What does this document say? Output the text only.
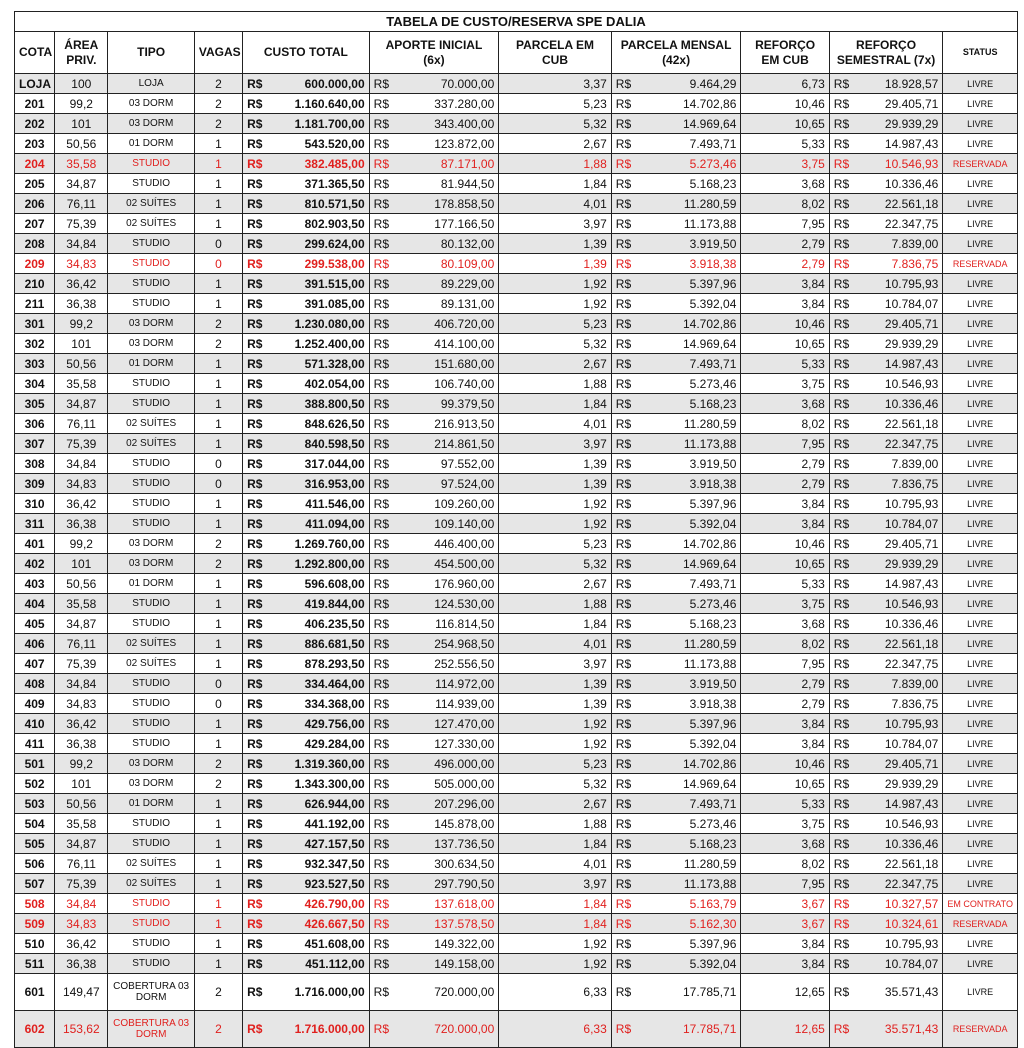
TABELA DE CUSTO/RESERVA SPE DALIA														
COTA	ÁREA PRIV.	TIPO	VAGAS	CUSTO TOTAL		APORTE INICIAL (6x)		PARCELA EM CUB	PARCELA MENSAL (42x)		REFORÇO EM CUB	REFORÇO SEMESTRAL (7x)		STATUS
LOJA	100	LOJA	2	R$	600.000,00	R$	70.000,00	3,37	R$	9.464,29	6,73	R$	18.928,57	LIVRE
201	99,2	03 DORM	2	R$	1.160.640,00	R$	337.280,00	5,23	R$	14.702,86	10,46	R$	29.405,71	LIVRE
202	101	03 DORM	2	R$	1.181.700,00	R$	343.400,00	5,32	R$	14.969,64	10,65	R$	29.939,29	LIVRE
203	50,56	01 DORM	1	R$	543.520,00	R$	123.872,00	2,67	R$	7.493,71	5,33	R$	14.987,43	LIVRE
204	35,58	STUDIO	1	R$	382.485,00	R$	87.171,00	1,88	R$	5.273,46	3,75	R$	10.546,93	RESERVADA
205	34,87	STUDIO	1	R$	371.365,50	R$	81.944,50	1,84	R$	5.168,23	3,68	R$	10.336,46	LIVRE
206	76,11	02 SUÍTES	1	R$	810.571,50	R$	178.858,50	4,01	R$	11.280,59	8,02	R$	22.561,18	LIVRE
207	75,39	02 SUÍTES	1	R$	802.903,50	R$	177.166,50	3,97	R$	11.173,88	7,95	R$	22.347,75	LIVRE
208	34,84	STUDIO	0	R$	299.624,00	R$	80.132,00	1,39	R$	3.919,50	2,79	R$	7.839,00	LIVRE
209	34,83	STUDIO	0	R$	299.538,00	R$	80.109,00	1,39	R$	3.918,38	2,79	R$	7.836,75	RESERVADA
210	36,42	STUDIO	1	R$	391.515,00	R$	89.229,00	1,92	R$	5.397,96	3,84	R$	10.795,93	LIVRE
211	36,38	STUDIO	1	R$	391.085,00	R$	89.131,00	1,92	R$	5.392,04	3,84	R$	10.784,07	LIVRE
301	99,2	03 DORM	2	R$	1.230.080,00	R$	406.720,00	5,23	R$	14.702,86	10,46	R$	29.405,71	LIVRE
302	101	03 DORM	2	R$	1.252.400,00	R$	414.100,00	5,32	R$	14.969,64	10,65	R$	29.939,29	LIVRE
303	50,56	01 DORM	1	R$	571.328,00	R$	151.680,00	2,67	R$	7.493,71	5,33	R$	14.987,43	LIVRE
304	35,58	STUDIO	1	R$	402.054,00	R$	106.740,00	1,88	R$	5.273,46	3,75	R$	10.546,93	LIVRE
305	34,87	STUDIO	1	R$	388.800,50	R$	99.379,50	1,84	R$	5.168,23	3,68	R$	10.336,46	LIVRE
306	76,11	02 SUÍTES	1	R$	848.626,50	R$	216.913,50	4,01	R$	11.280,59	8,02	R$	22.561,18	LIVRE
307	75,39	02 SUÍTES	1	R$	840.598,50	R$	214.861,50	3,97	R$	11.173,88	7,95	R$	22.347,75	LIVRE
308	34,84	STUDIO	0	R$	317.044,00	R$	97.552,00	1,39	R$	3.919,50	2,79	R$	7.839,00	LIVRE
309	34,83	STUDIO	0	R$	316.953,00	R$	97.524,00	1,39	R$	3.918,38	2,79	R$	7.836,75	LIVRE
310	36,42	STUDIO	1	R$	411.546,00	R$	109.260,00	1,92	R$	5.397,96	3,84	R$	10.795,93	LIVRE
311	36,38	STUDIO	1	R$	411.094,00	R$	109.140,00	1,92	R$	5.392,04	3,84	R$	10.784,07	LIVRE
401	99,2	03 DORM	2	R$	1.269.760,00	R$	446.400,00	5,23	R$	14.702,86	10,46	R$	29.405,71	LIVRE
402	101	03 DORM	2	R$	1.292.800,00	R$	454.500,00	5,32	R$	14.969,64	10,65	R$	29.939,29	LIVRE
403	50,56	01 DORM	1	R$	596.608,00	R$	176.960,00	2,67	R$	7.493,71	5,33	R$	14.987,43	LIVRE
404	35,58	STUDIO	1	R$	419.844,00	R$	124.530,00	1,88	R$	5.273,46	3,75	R$	10.546,93	LIVRE
405	34,87	STUDIO	1	R$	406.235,50	R$	116.814,50	1,84	R$	5.168,23	3,68	R$	10.336,46	LIVRE
406	76,11	02 SUÍTES	1	R$	886.681,50	R$	254.968,50	4,01	R$	11.280,59	8,02	R$	22.561,18	LIVRE
407	75,39	02 SUÍTES	1	R$	878.293,50	R$	252.556,50	3,97	R$	11.173,88	7,95	R$	22.347,75	LIVRE
408	34,84	STUDIO	0	R$	334.464,00	R$	114.972,00	1,39	R$	3.919,50	2,79	R$	7.839,00	LIVRE
409	34,83	STUDIO	0	R$	334.368,00	R$	114.939,00	1,39	R$	3.918,38	2,79	R$	7.836,75	LIVRE
410	36,42	STUDIO	1	R$	429.756,00	R$	127.470,00	1,92	R$	5.397,96	3,84	R$	10.795,93	LIVRE
411	36,38	STUDIO	1	R$	429.284,00	R$	127.330,00	1,92	R$	5.392,04	3,84	R$	10.784,07	LIVRE
501	99,2	03 DORM	2	R$	1.319.360,00	R$	496.000,00	5,23	R$	14.702,86	10,46	R$	29.405,71	LIVRE
502	101	03 DORM	2	R$	1.343.300,00	R$	505.000,00	5,32	R$	14.969,64	10,65	R$	29.939,29	LIVRE
503	50,56	01 DORM	1	R$	626.944,00	R$	207.296,00	2,67	R$	7.493,71	5,33	R$	14.987,43	LIVRE
504	35,58	STUDIO	1	R$	441.192,00	R$	145.878,00	1,88	R$	5.273,46	3,75	R$	10.546,93	LIVRE
505	34,87	STUDIO	1	R$	427.157,50	R$	137.736,50	1,84	R$	5.168,23	3,68	R$	10.336,46	LIVRE
506	76,11	02 SUÍTES	1	R$	932.347,50	R$	300.634,50	4,01	R$	11.280,59	8,02	R$	22.561,18	LIVRE
507	75,39	02 SUÍTES	1	R$	923.527,50	R$	297.790,50	3,97	R$	11.173,88	7,95	R$	22.347,75	LIVRE
508	34,84	STUDIO	1	R$	426.790,00	R$	137.618,00	1,84	R$	5.163,79	3,67	R$	10.327,57	EM CONTRATO
509	34,83	STUDIO	1	R$	426.667,50	R$	137.578,50	1,84	R$	5.162,30	3,67	R$	10.324,61	RESERVADA
510	36,42	STUDIO	1	R$	451.608,00	R$	149.322,00	1,92	R$	5.397,96	3,84	R$	10.795,93	LIVRE
511	36,38	STUDIO	1	R$	451.112,00	R$	149.158,00	1,92	R$	5.392,04	3,84	R$	10.784,07	LIVRE
601	149,47	COBERTURA 03 DORM	2	R$	1.716.000,00	R$	720.000,00	6,33	R$	17.785,71	12,65	R$	35.571,43	LIVRE
602	153,62	COBERTURA 03 DORM	2	R$	1.716.000,00	R$	720.000,00	6,33	R$	17.785,71	12,65	R$	35.571,43	RESERVADA
